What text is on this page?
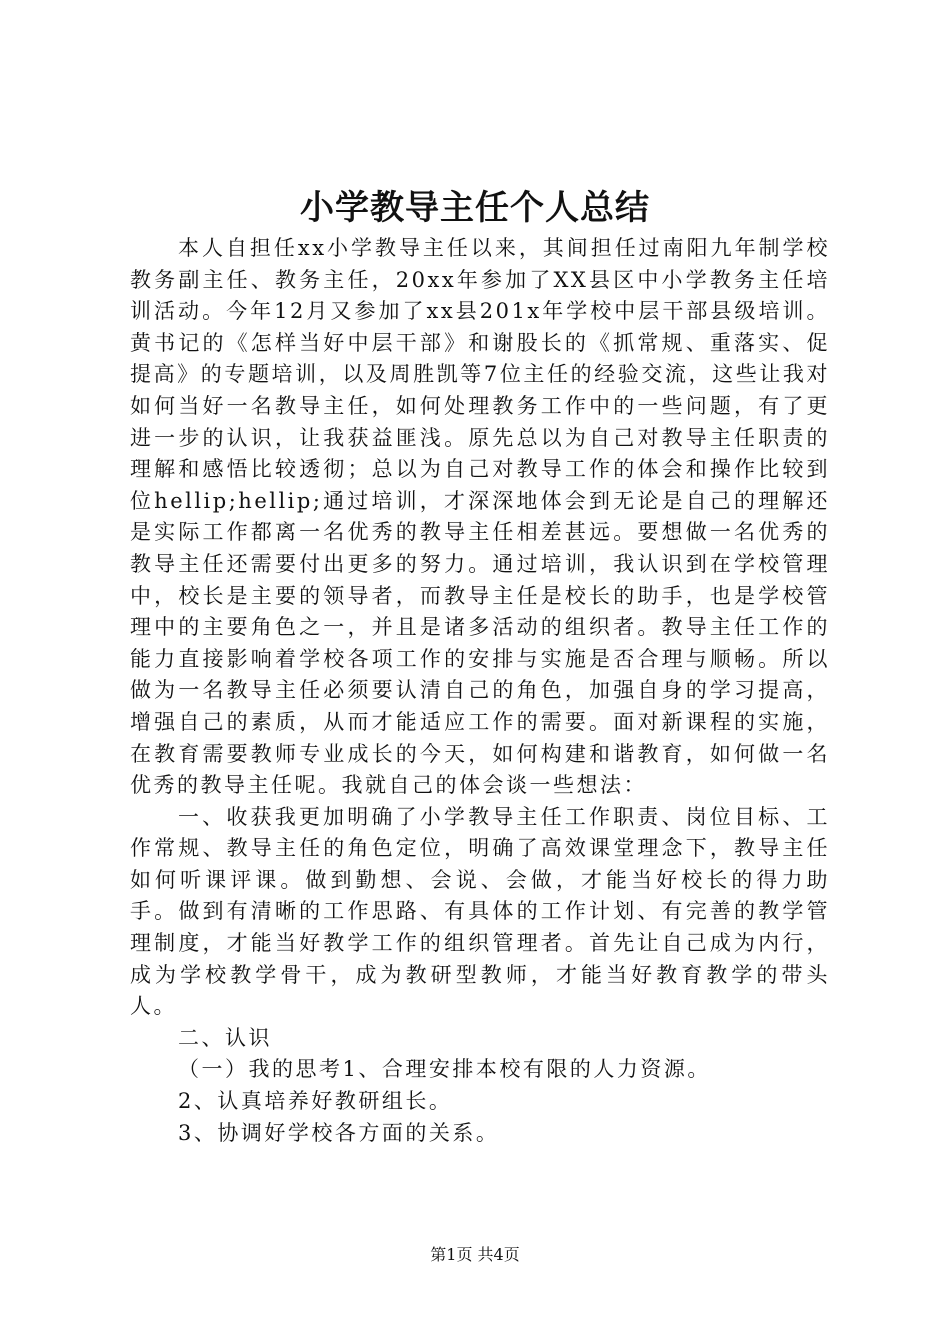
小学教导主任个人总结

本人自担任xx小学教导主任以来，其间担任过南阳九年制学校教务副主任、教务主任，20xx年参加了XX县区中小学教务主任培训活动。今年12月又参加了xx县201x年学校中层干部县级培训。黄书记的《怎样当好中层干部》和谢股长的《抓常规、重落实、促提高》的专题培训，以及周胜凯等7位主任的经验交流，这些让我对如何当好一名教导主任，如何处理教务工作中的一些问题，有了更进一步的认识，让我获益匪浅。原先总以为自己对教导主任职责的理解和感悟比较透彻；总以为自己对教导工作的体会和操作比较到位hellip;hellip;通过培训，才深深地体会到无论是自己的理解还是实际工作都离一名优秀的教导主任相差甚远。要想做一名优秀的教导主任还需要付出更多的努力。通过培训，我认识到在学校管理中，校长是主要的领导者，而教导主任是校长的助手，也是学校管理中的主要角色之一，并且是诸多活动的组织者。教导主任工作的能力直接影响着学校各项工作的安排与实施是否合理与顺畅。所以做为一名教导主任必须要认清自己的角色，加强自身的学习提高，增强自己的素质，从而才能适应工作的需要。面对新课程的实施，在教育需要教师专业成长的今天，如何构建和谐教育，如何做一名优秀的教导主任呢。我就自己的体会谈一些想法：

一、收获我更加明确了小学教导主任工作职责、岗位目标、工作常规、教导主任的角色定位，明确了高效课堂理念下，教导主任如何听课评课。做到勤想、会说、会做，才能当好校长的得力助手。做到有清晰的工作思路、有具体的工作计划、有完善的教学管理制度，才能当好教学工作的组织管理者。首先让自己成为内行，成为学校教学骨干，成为教研型教师，才能当好教育教学的带头人。

二、认识

（一）我的思考1、合理安排本校有限的人力资源。

2、认真培养好教研组长。

3、协调好学校各方面的关系。

第1页 共4页
